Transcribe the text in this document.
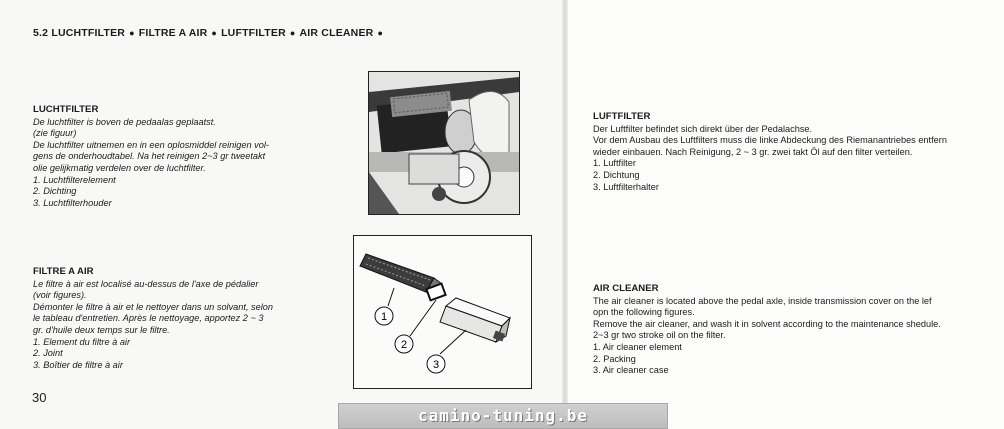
5.2 LUCHTFILTER ● FILTRE A AIR ● LUFTFILTER ● AIR CLEANER ●
LUCHTFILTER

De luchtfilter is boven de pedaalas geplaatst.

(zie figuur)

De luchtfilter uitnemen en in een oplosmiddel reinigen vol-

gens de onderhoudtabel. Na het reinigen 2~3 gr tweetakt

olie gelijkmatig verdelen over de luchtfilter.

1. Luchtfilterelement
2. Dichting
3. Luchtfilterhouder
FILTRE A AIR

Le filtre à air est localisé au-dessus de l'axe de pédalier

(voir figures).

Démonter le filtre à air et le nettoyer dans un solvant, selon

le tableau d'entretien. Après le nettoyage, apportez 2 ~ 3

gr. d'huile deux temps sur le filtre.

1. Element du filtre à air
2. Joint
3. Boîtier de filtre à air
1
2
3
30
LUFTFILTER

Der Luftfilter befindet sich direkt über der Pedalachse.

Vor dem Ausbau des Luftfilters muss die linke Abdeckung des Riemanantriebes entfern

wieder einbauen. Nach Reinigung, 2 ~ 3 gr. zwei takt Öl auf den filter verteilen.

1. Luftfilter
2. Dichtung
3. Luftfilterhalter
AIR CLEANER

The air cleaner is located above the pedal axle, inside transmission cover on the lef

opn the following figures.

Remove the air cleaner, and wash it in solvent according to the maintenance shedule.

2~3 gr two stroke oil on the filter.

1. Air cleaner element
2. Packing
3. Air cleaner case
camino-tuning.be
